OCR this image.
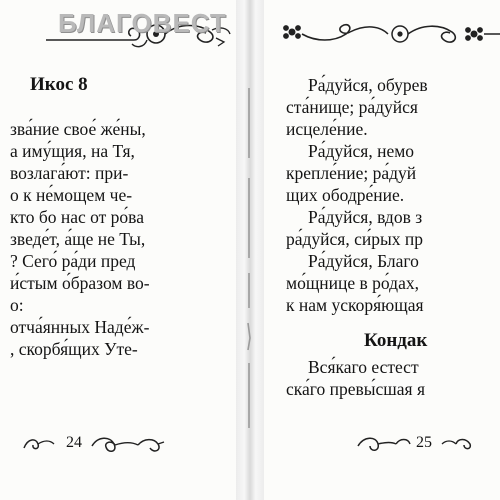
Икос 8
зва́ние свое́ же́ны,
а иму́щия, на Тя,
возлага́ют: при-
о к не́мощем че-
кто бо нас от ро́ва
зведе́т, а́ще не Ты,
? Сего́ ра́ди пред
и́стым о́бразом во-
о:
отча́янных Наде́ж-
, скорбя́щих Уте-
24
Ра́дуйся, обурев
ста́нище; ра́дуйся
исцеле́ние.
Ра́дуйся, немо
крепле́ние; ра́дуй
щих ободре́ние.
Ра́дуйся, вдов з
ра́дуйся, си́рых пр
Ра́дуйся, Благо
мо́щнице в ро́дах,
к нам ускоря́ющая
Кондак
Вся́каго естест
ска́го превы́сшая я
25
БЛАГОВЕСТ
